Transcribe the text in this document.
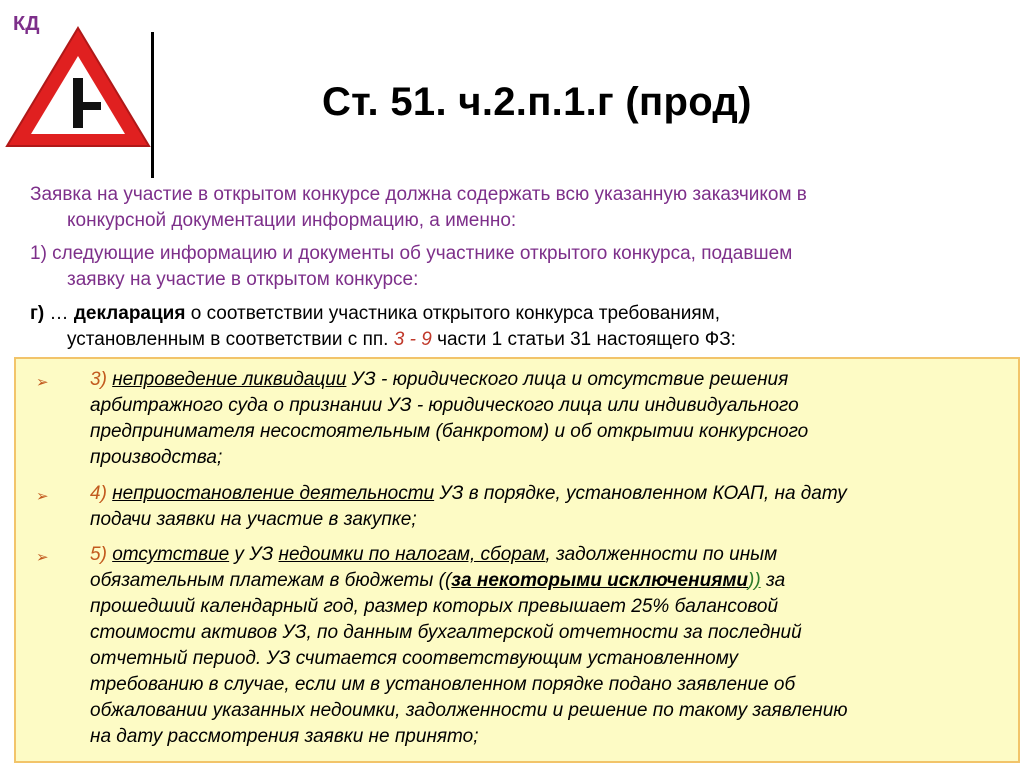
КД
Ст. 51. ч.2.п.1.г (прод)
Заявка на участие в открытом конкурсе должна содержать всю указанную заказчиком в
конкурсной документации информацию, а именно:
1) следующие информацию и документы об участнике открытого конкурса, подавшем
заявку на участие в открытом конкурсе:
г) … декларация о соответствии участника открытого конкурса требованиям,
установленным в соответствии с пп. 3 - 9 части 1 статьи 31 настоящего ФЗ:
➢ 3) непроведение ликвидации УЗ - юридического лица и отсутствие решения
арбитражного суда о признании УЗ - юридического лица или индивидуального
предпринимателя несостоятельным (банкротом) и об открытии конкурсного
производства;
➢ 4) неприостановление деятельности УЗ в порядке, установленном КОАП, на дату
подачи заявки на участие в закупке;
➢ 5) отсутствие у УЗ недоимки по налогам, сборам, задолженности по иным
обязательным платежам в бюджеты ((за некоторыми исключениями)) за
прошедший календарный год, размер которых превышает 25% балансовой
стоимости активов УЗ, по данным бухгалтерской отчетности за последний
отчетный период. УЗ считается соответствующим установленному
требованию в случае, если им в установленном порядке подано заявление об
обжаловании указанных недоимки, задолженности и решение по такому заявлению
на дату рассмотрения заявки не принято;
